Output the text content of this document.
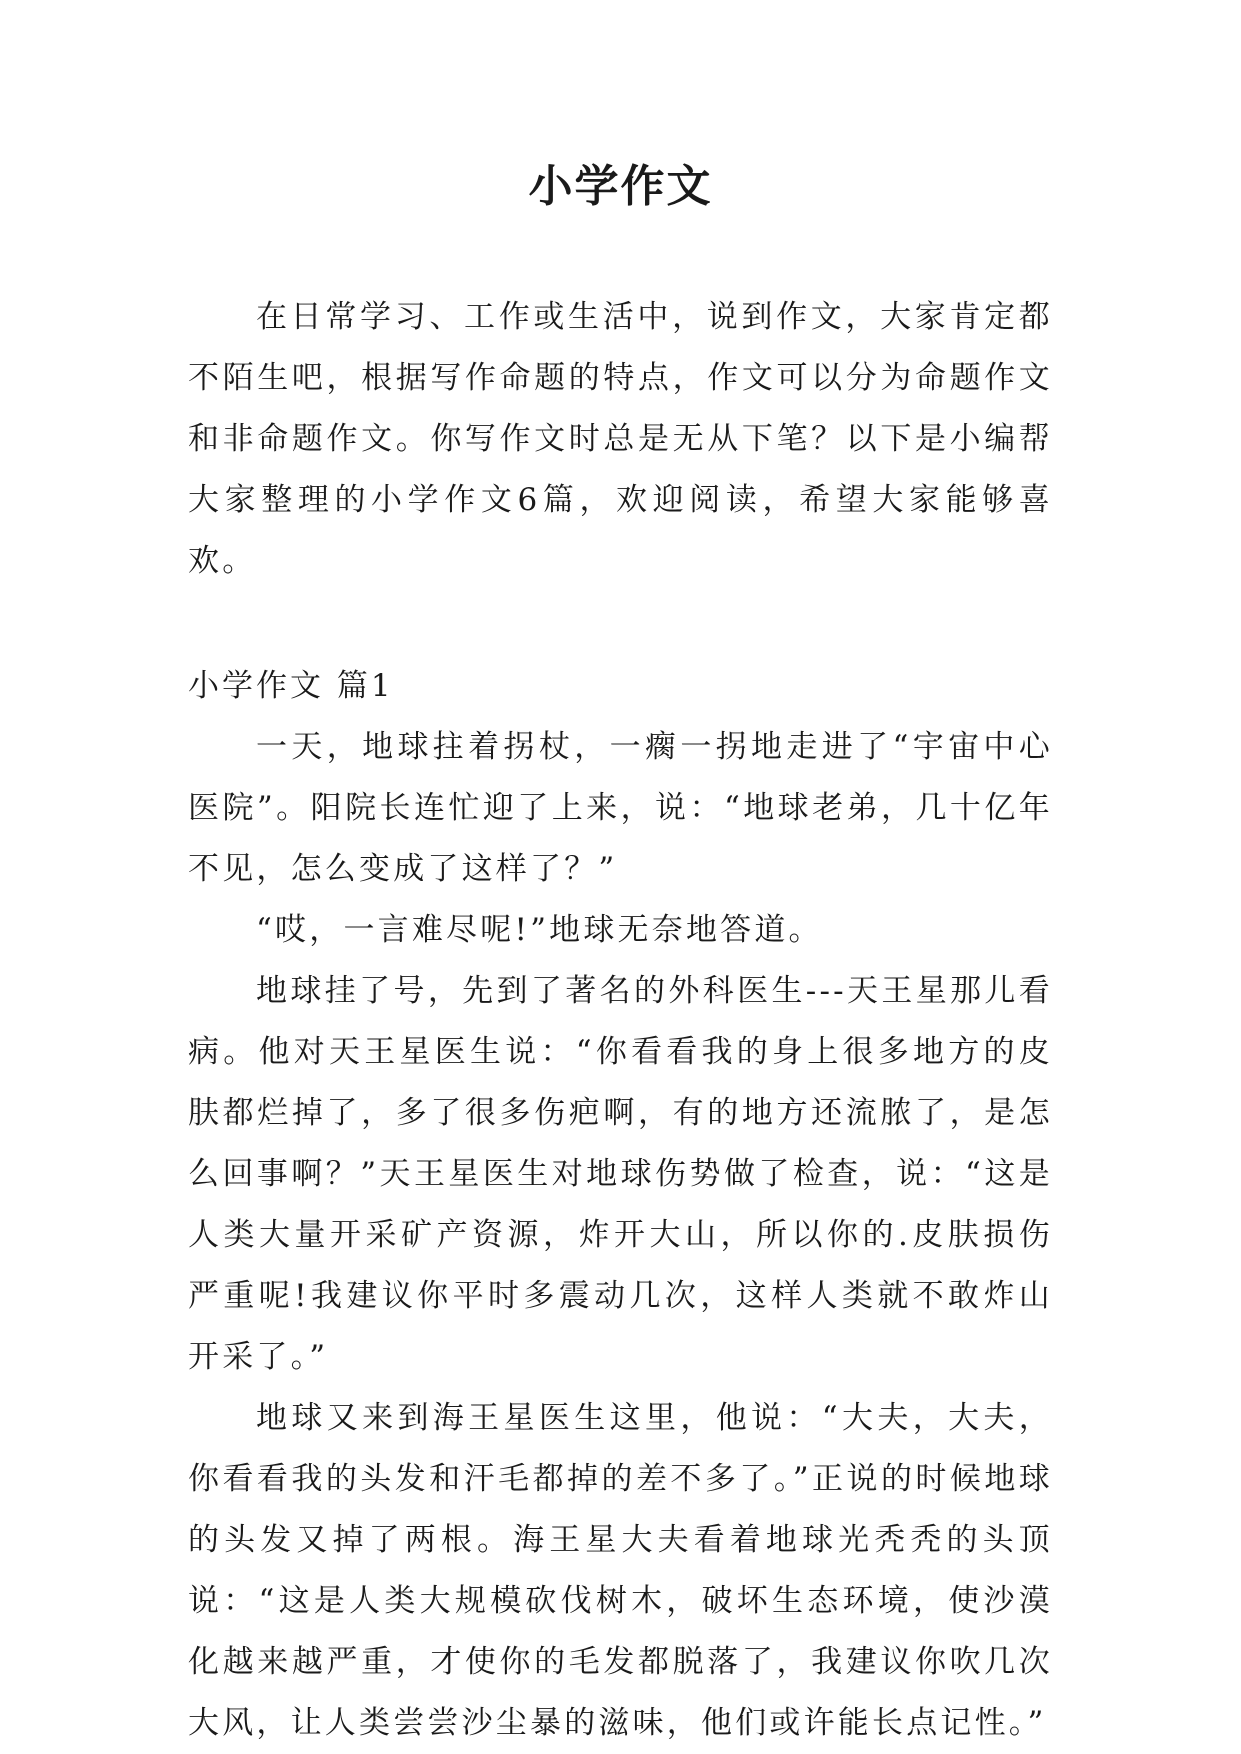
小学作文

在日常学习、工作或生活中，说到作文，大家肯定都不陌生吧，根据写作命题的特点，作文可以分为命题作文和非命题作文。你写作文时总是无从下笔？以下是小编帮大家整理的小学作文6篇，欢迎阅读，希望大家能够喜欢。

小学作文 篇1

一天，地球拄着拐杖，一瘸一拐地走进了“宇宙中心医院”。阳院长连忙迎了上来，说：“地球老弟，几十亿年不见，怎么变成了这样了？”

“哎，一言难尽呢!”地球无奈地答道。

地球挂了号，先到了著名的外科医生---天王星那儿看病。他对天王星医生说：“你看看我的身上很多地方的皮肤都烂掉了，多了很多伤疤啊，有的地方还流脓了，是怎么回事啊？”天王星医生对地球伤势做了检查，说：“这是人类大量开采矿产资源，炸开大山，所以你的.皮肤损伤严重呢!我建议你平时多震动几次，这样人类就不敢炸山开采了。”

地球又来到海王星医生这里，他说：“大夫，大夫，你看看我的头发和汗毛都掉的差不多了。”正说的时候地球的头发又掉了两根。海王星大夫看着地球光秃秃的头顶说：“这是人类大规模砍伐树木，破坏生态环境，使沙漠化越来越严重，才使你的毛发都脱落了，我建议你吹几次大风，让人类尝尝沙尘暴的滋味，他们或许能长点记性。”
